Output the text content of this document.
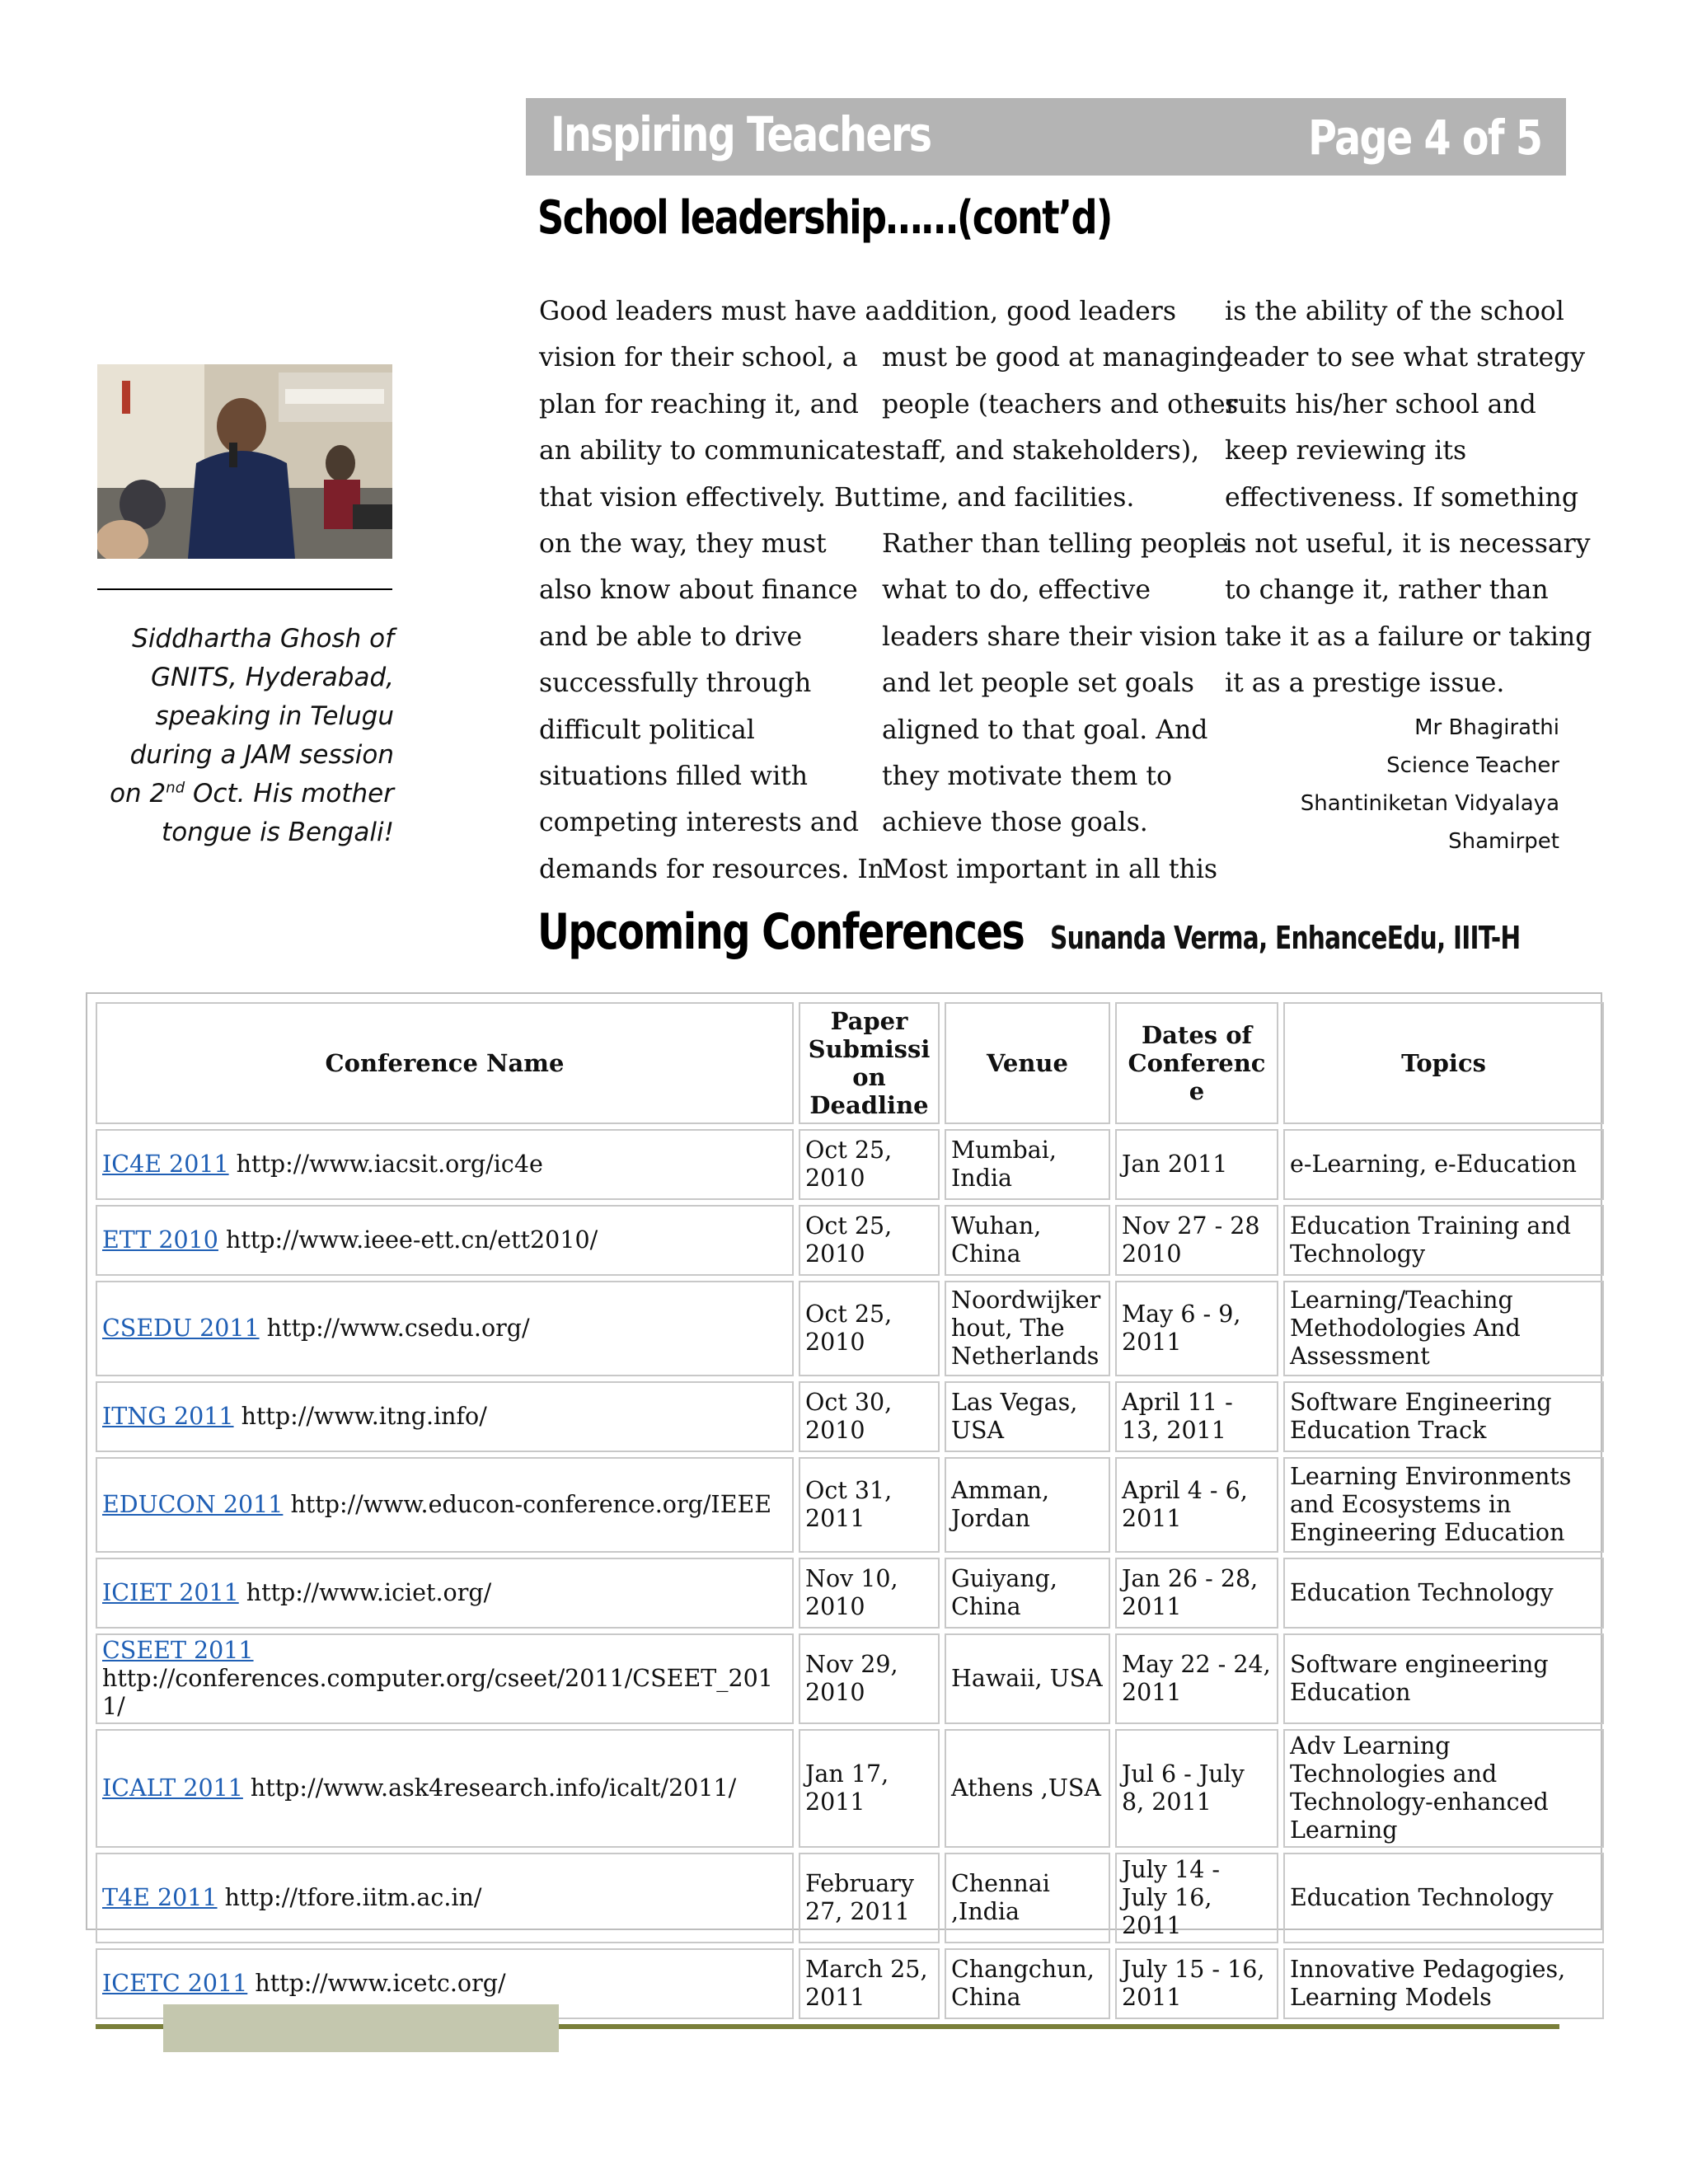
Inspiring Teachers	Page 4 of 5
School leadership……(cont’d)
Siddhartha Ghosh of GNITS, Hyderabad, speaking in Telugu during a JAM session on 2nd Oct. His mother tongue is Bengali!
Good leaders must have a
vision for their school, a
plan for reaching it, and
an ability to communicate
that vision effectively. But
on the way, they must
also know about finance
and be able to drive
successfully through
difficult political
situations filled with
competing interests and
demands for resources. In
addition, good leaders
must be good at managing
people (teachers and other
staff, and stakeholders),
time, and facilities.
Rather than telling people
what to do, effective
leaders share their vision
and let people set goals
aligned to that goal. And
they motivate them to
achieve those goals.
Most important in all this
is the ability of the school
leader to see what strategy
suits his/her school and
keep reviewing its
effectiveness. If something
is not useful, it is necessary
to change it, rather than
take it as a failure or taking
it as a prestige issue.
Mr Bhagirathi
Science Teacher
Shantiniketan Vidyalaya
Shamirpet
Upcoming Conferences Sunanda Verma, EnhanceEdu, IIIT-H
Conference Name	Paper Submission Deadline	Venue	Dates of Conference	Topics
IC4E 2011 http://www.iacsit.org/ic4e	Oct 25, 2010	Mumbai, India	Jan 2011	e-Learning, e-Education
ETT 2010 http://www.ieee-ett.cn/ett2010/	Oct 25, 2010	Wuhan, China	Nov 27 - 28 2010	Education Training and Technology
CSEDU 2011 http://www.csedu.org/	Oct 25, 2010	Noordwijkerhout, The Netherlands	May 6 - 9, 2011	Learning/Teaching Methodologies And Assessment
ITNG 2011 http://www.itng.info/	Oct 30, 2010	Las Vegas, USA	April 11 - 13, 2011	Software Engineering Education Track
EDUCON 2011 http://www.educon-conference.org/IEEE	Oct 31, 2011	Amman, Jordan	April 4 - 6, 2011	Learning Environments and Ecosystems in Engineering Education
ICIET 2011 http://www.iciet.org/	Nov 10, 2010	Guiyang, China	Jan 26 - 28, 2011	Education Technology
CSEET 2011 http://conferences.computer.org/cseet/2011/CSEET_2011/	Nov 29, 2010	Hawaii, USA	May 22 - 24, 2011	Software engineering Education
ICALT 2011 http://www.ask4research.info/icalt/2011/	Jan 17, 2011	Athens ,USA	Jul 6 - July 8, 2011	Adv Learning Technologies and Technology-enhanced Learning
T4E 2011 http://tfore.iitm.ac.in/	February 27, 2011	Chennai ,India	July 14 - July 16, 2011	Education Technology
ICETC 2011 http://www.icetc.org/	March 25, 2011	Changchun, China	July 15 - 16, 2011	Innovative Pedagogies, Learning Models
